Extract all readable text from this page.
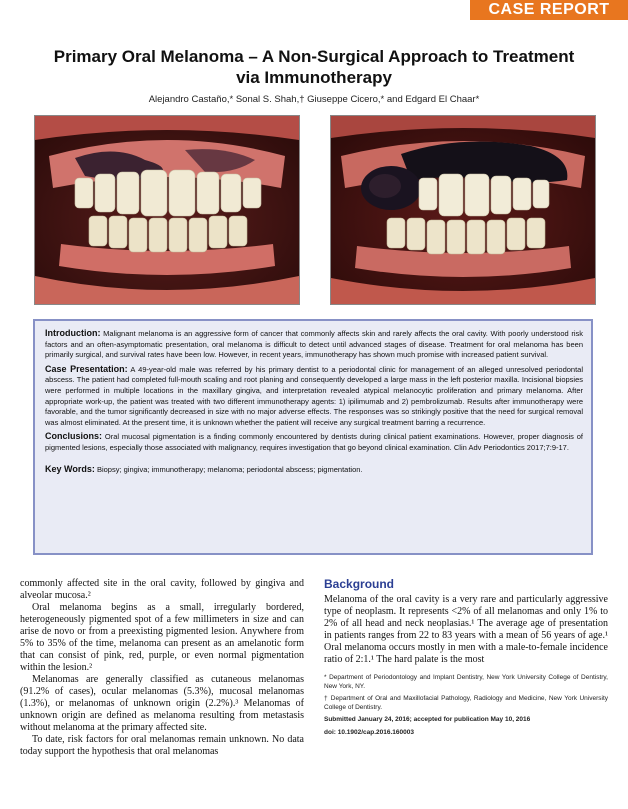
CASE REPORT
Primary Oral Melanoma – A Non-Surgical Approach to Treatment via Immunotherapy
Alejandro Castaño,* Sonal S. Shah,† Giuseppe Cicero,* and Edgard El Chaar*

Introduction: Malignant melanoma is an aggressive form of cancer that commonly affects skin and rarely affects the oral cavity. With poorly understood risk factors and an often-asymptomatic presentation, oral melanoma is difficult to detect until advanced stages of disease. Treatment for oral melanoma has been primarily surgical, and survival rates have been low. However, in recent years, immunotherapy has shown much promise with increased patient survival.

Case Presentation: A 49-year-old male was referred by his primary dentist to a periodontal clinic for management of an alleged unresolved periodontal abscess. The patient had completed full-mouth scaling and root planing and consequently developed a large mass in the left posterior maxilla. Incisional biopsies were performed in multiple locations in the maxillary gingiva, and interpretation revealed atypical melanocytic proliferation and primary melanoma. After appropriate work-up, the patient was treated with two different immunotherapy agents: 1) ipilimumab and 2) pembrolizumab. Results after immunotherapy were favorable, and the tumor significantly decreased in size with no major adverse effects. The responses was so strikingly positive that the need for surgical removal was almost eliminated. At the present time, it is unknown whether the patient will receive any surgical treatment barring a recurrence.

Conclusions: Oral mucosal pigmentation is a finding commonly encountered by dentists during clinical patient examinations. However, proper diagnosis of pigmented lesions, especially those associated with malignancy, requires investigation that go beyond clinical examination. Clin Adv Periodontics 2017;7:9-17.

Key Words: Biopsy; gingiva; immunotherapy; melanoma; periodontal abscess; pigmentation.

Background

Melanoma of the oral cavity is a very rare and particularly aggressive type of neoplasm. It represents <2% of all melanomas and only 1% to 2% of all head and neck neoplasias.¹ The average age of presentation in patients ranges from 22 to 83 years with a mean of 56 years of age.¹ Oral melanoma occurs mostly in men with a male-to-female incidence ratio of 2:1.¹ The hard palate is the most

* Department of Periodontology and Implant Dentistry, New York University College of Dentistry, New York, NY.

† Department of Oral and Maxillofacial Pathology, Radiology and Medicine, New York University College of Dentistry.

Submitted January 24, 2016; accepted for publication May 10, 2016

doi: 10.1902/cap.2016.160003

commonly affected site in the oral cavity, followed by gingiva and alveolar mucosa.²

Oral melanoma begins as a small, irregularly bordered, heterogeneously pigmented spot of a few millimeters in size and can arise de novo or from a preexisting pigmented lesion. Anywhere from 5% to 35% of the time, melanoma can present as an amelanotic form that can consist of pink, red, purple, or even normal pigmentation within the lesion.²

Melanomas are generally classified as cutaneous melanomas (91.2% of cases), ocular melanomas (5.3%), mucosal melanomas (1.3%), or melanomas of unknown origin (2.2%).³ Melanomas of unknown origin are defined as melanoma resulting from metastasis without melanoma at the primary affected site.

To date, risk factors for oral melanomas remain unknown. No data today support the hypothesis that oral melanomas
